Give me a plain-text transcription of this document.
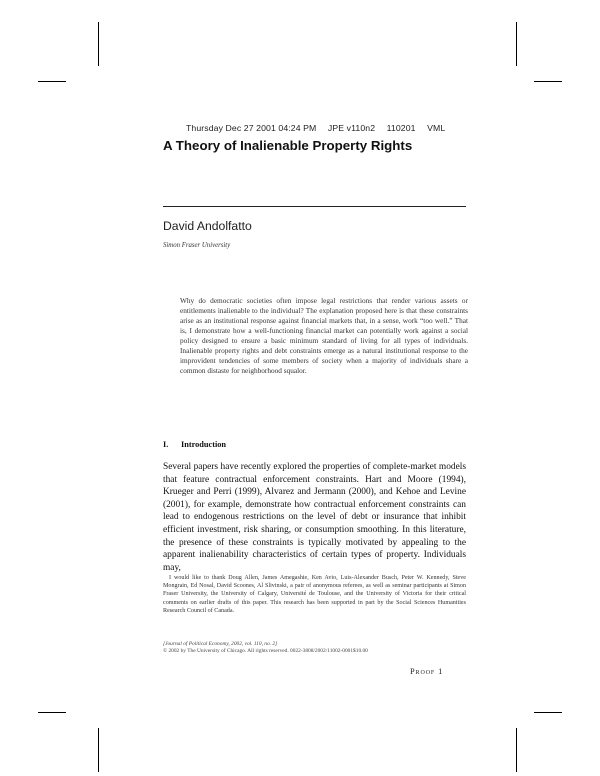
Thursday Dec 27 2001 04:24 PM JPE v110n2 110201 VML
A Theory of Inalienable Property Rights
David Andolfatto
Simon Fraser University
Why do democratic societies often impose legal restrictions that render various assets or entitlements inalienable to the individual? The explanation proposed here is that these constraints arise as an institutional response against financial markets that, in a sense, work “too well.” That is, I demonstrate how a well-functioning financial market can potentially work against a social policy designed to ensure a basic minimum standard of living for all types of individuals. Inalienable property rights and debt constraints emerge as a natural institutional response to the improvident tendencies of some members of society when a majority of individuals share a common distaste for neighborhood squalor.
I. Introduction
Several papers have recently explored the properties of complete-market models that feature contractual enforcement constraints. Hart and Moore (1994), Krueger and Perri (1999), Alvarez and Jermann (2000), and Kehoe and Levine (2001), for example, demonstrate how contractual enforcement constraints can lead to endogenous restrictions on the level of debt or insurance that inhibit efficient investment, risk sharing, or consumption smoothing. In this literature, the presence of these constraints is typically motivated by appealing to the apparent inalienability characteristics of certain types of property. Individuals may,
I would like to thank Doug Allen, James Amegashie, Ken Avio, Luis-Alexander Busch, Peter W. Kennedy, Steve Mongrain, Ed Nosal, David Scoones, Al Slivinski, a pair of anonymous referees, as well as seminar participants at Simon Fraser University, the University of Calgary, Université de Toulouse, and the University of Victoria for their critical comments on earlier drafts of this paper. This research has been supported in part by the Social Sciences Humanities Research Council of Canada.
[Journal of Political Economy, 2002, vol. 110, no. 2]
© 2002 by The University of Chicago. All rights reserved. 0022-3808/2002/11002-0001$10.00
Proof 1
